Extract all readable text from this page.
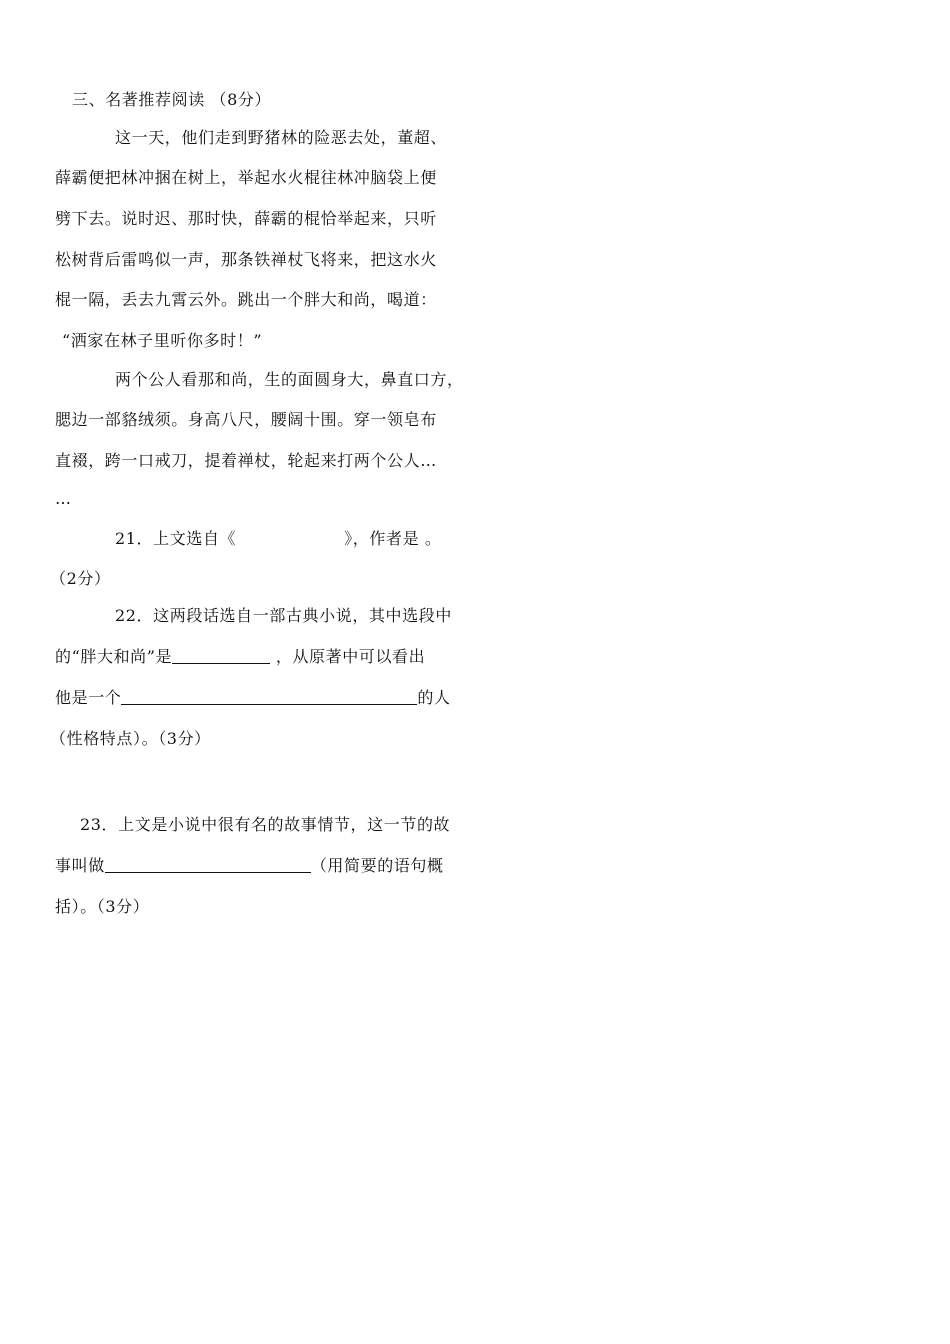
三、名著推荐阅读 （8分）
这一天，他们走到野猪林的险恶去处，董超、
薛霸便把林冲捆在树上，举起水火棍往林冲脑袋上便
劈下去。说时迟、那时快，薛霸的棍恰举起来，只听
松树背后雷鸣似一声，那条铁禅杖飞将来，把这水火
棍一隔，丢去九霄云外。跳出一个胖大和尚，喝道：
“洒家在林子里听你多时！”
两个公人看那和尚，生的面圆身大，鼻直口方，
腮边一部貉绒须。身高八尺，腰阔十围。穿一领皂布
直裰，跨一口戒刀，提着禅杖，轮起来打两个公人…
…
21．上文选自《	》，作者是 。
（2分）
22．这两段话选自一部古典小说，其中选段中
的“胖大和尚”是	，从原著中可以看出
他是一个	的人
（性格特点）。（3分）
23．上文是小说中很有名的故事情节，这一节的故
事叫做	（用简要的语句概
括）。（3分）
